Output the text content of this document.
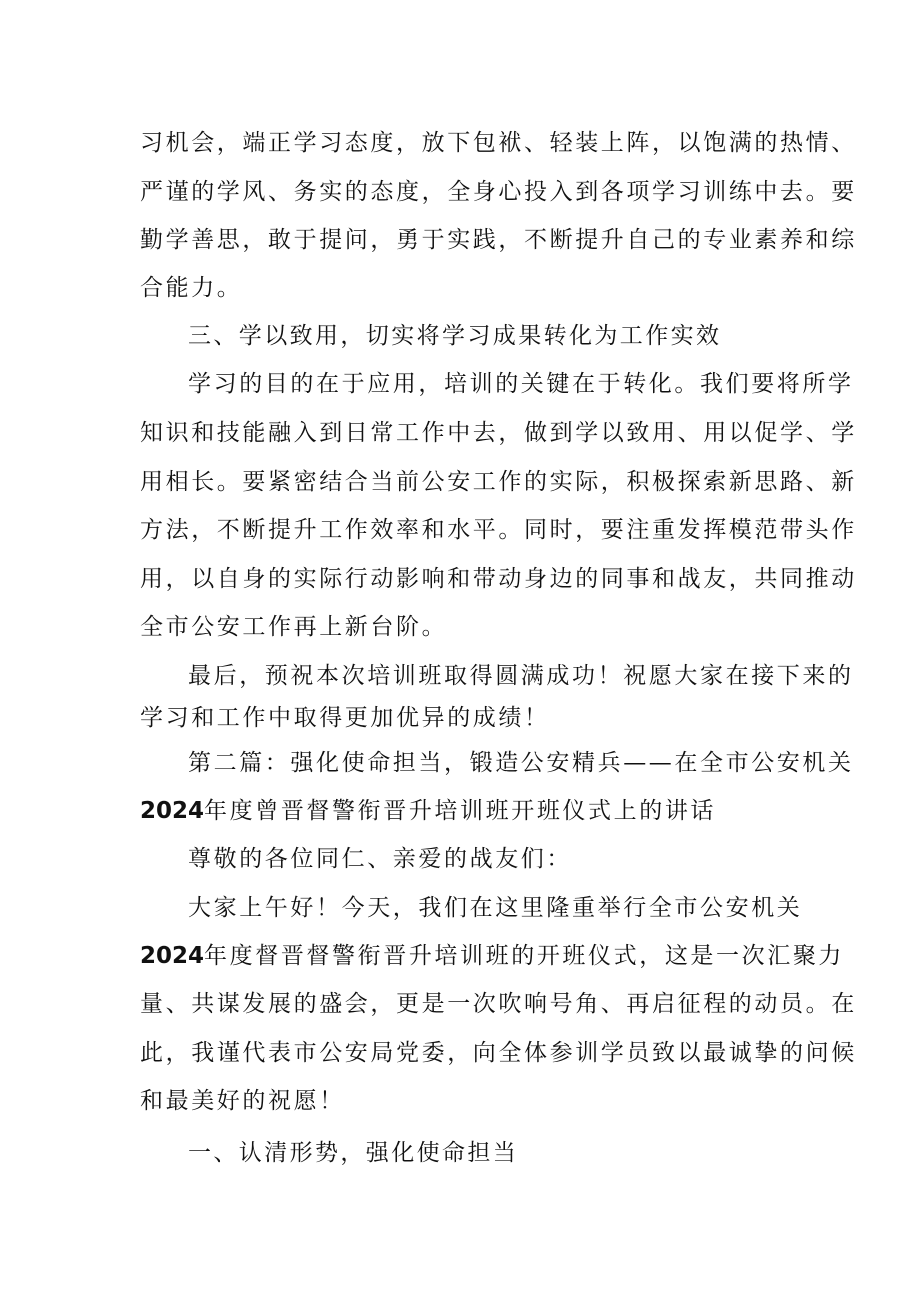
习机会，端正学习态度，放下包袱、轻装上阵，以饱满的热情、
严谨的学风、务实的态度，全身心投入到各项学习训练中去。要
勤学善思，敢于提问，勇于实践，不断提升自己的专业素养和综
合能力。
三、学以致用，切实将学习成果转化为工作实效
学习的目的在于应用，培训的关键在于转化。我们要将所学
知识和技能融入到日常工作中去，做到学以致用、用以促学、学
用相长。要紧密结合当前公安工作的实际，积极探索新思路、新
方法，不断提升工作效率和水平。同时，要注重发挥模范带头作
用，以自身的实际行动影响和带动身边的同事和战友，共同推动
全市公安工作再上新台阶。
最后，预祝本次培训班取得圆满成功！祝愿大家在接下来的
学习和工作中取得更加优异的成绩！
第二篇：强化使命担当，锻造公安精兵——在全市公安机关
2024年度曾晋督警衔晋升培训班开班仪式上的讲话
尊敬的各位同仁、亲爱的战友们：
大家上午好！今天，我们在这里隆重举行全市公安机关
2024年度督晋督警衔晋升培训班的开班仪式，这是一次汇聚力
量、共谋发展的盛会，更是一次吹响号角、再启征程的动员。在
此，我谨代表市公安局党委，向全体参训学员致以最诚挚的问候
和最美好的祝愿！
一、认清形势，强化使命担当
